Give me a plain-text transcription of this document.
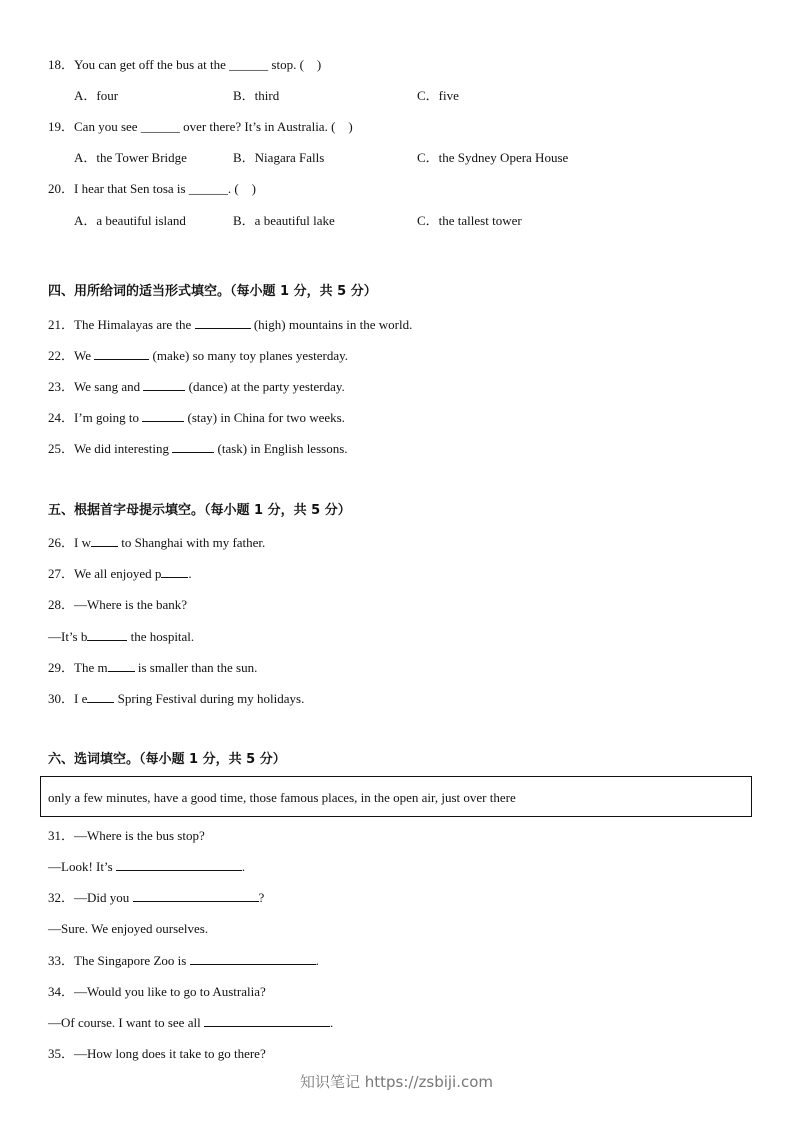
18．You can get off the bus at the ______ stop. (    )
A．four	B．third	C．five
19．Can you see ______ over there? It’s in Australia. (    )
A．the Tower Bridge	B．Niagara Falls	C．the Sydney Opera House
20．I hear that Sen tosa is ______. (    )
A．a beautiful island	B．a beautiful lake	C．the tallest tower
四、用所给词的适当形式填空。（每小题 1 分，共 5 分）
21．The Himalayas are the	(high) mountains in the world.
22．We	(make) so many toy planes yesterday.
23．We sang and	(dance) at the party yesterday.
24．I’m going to	(stay) in China for two weeks.
25．We did interesting	(task) in English lessons.
五、根据首字母提示填空。（每小题 1 分，共 5 分）
26．I w to Shanghai with my father.
27．We all enjoyed p .
28．—Where is the bank?
—It’s b	the hospital.
29．The m is smaller than the sun.
30．I e Spring Festival during my holidays.
六、选词填空。（每小题 1 分，共 5 分）
only a few minutes, have a good time, those famous places, in the open air, just over there
31．—Where is the bus stop?
—Look! It’s	.
32．—Did you	?
—Sure. We enjoyed ourselves.
33．The Singapore Zoo is	.
34．—Would you like to go to Australia?
—Of course. I want to see all	.
35．—How long does it take to go there?
知识笔记 https://zsbiji.com
